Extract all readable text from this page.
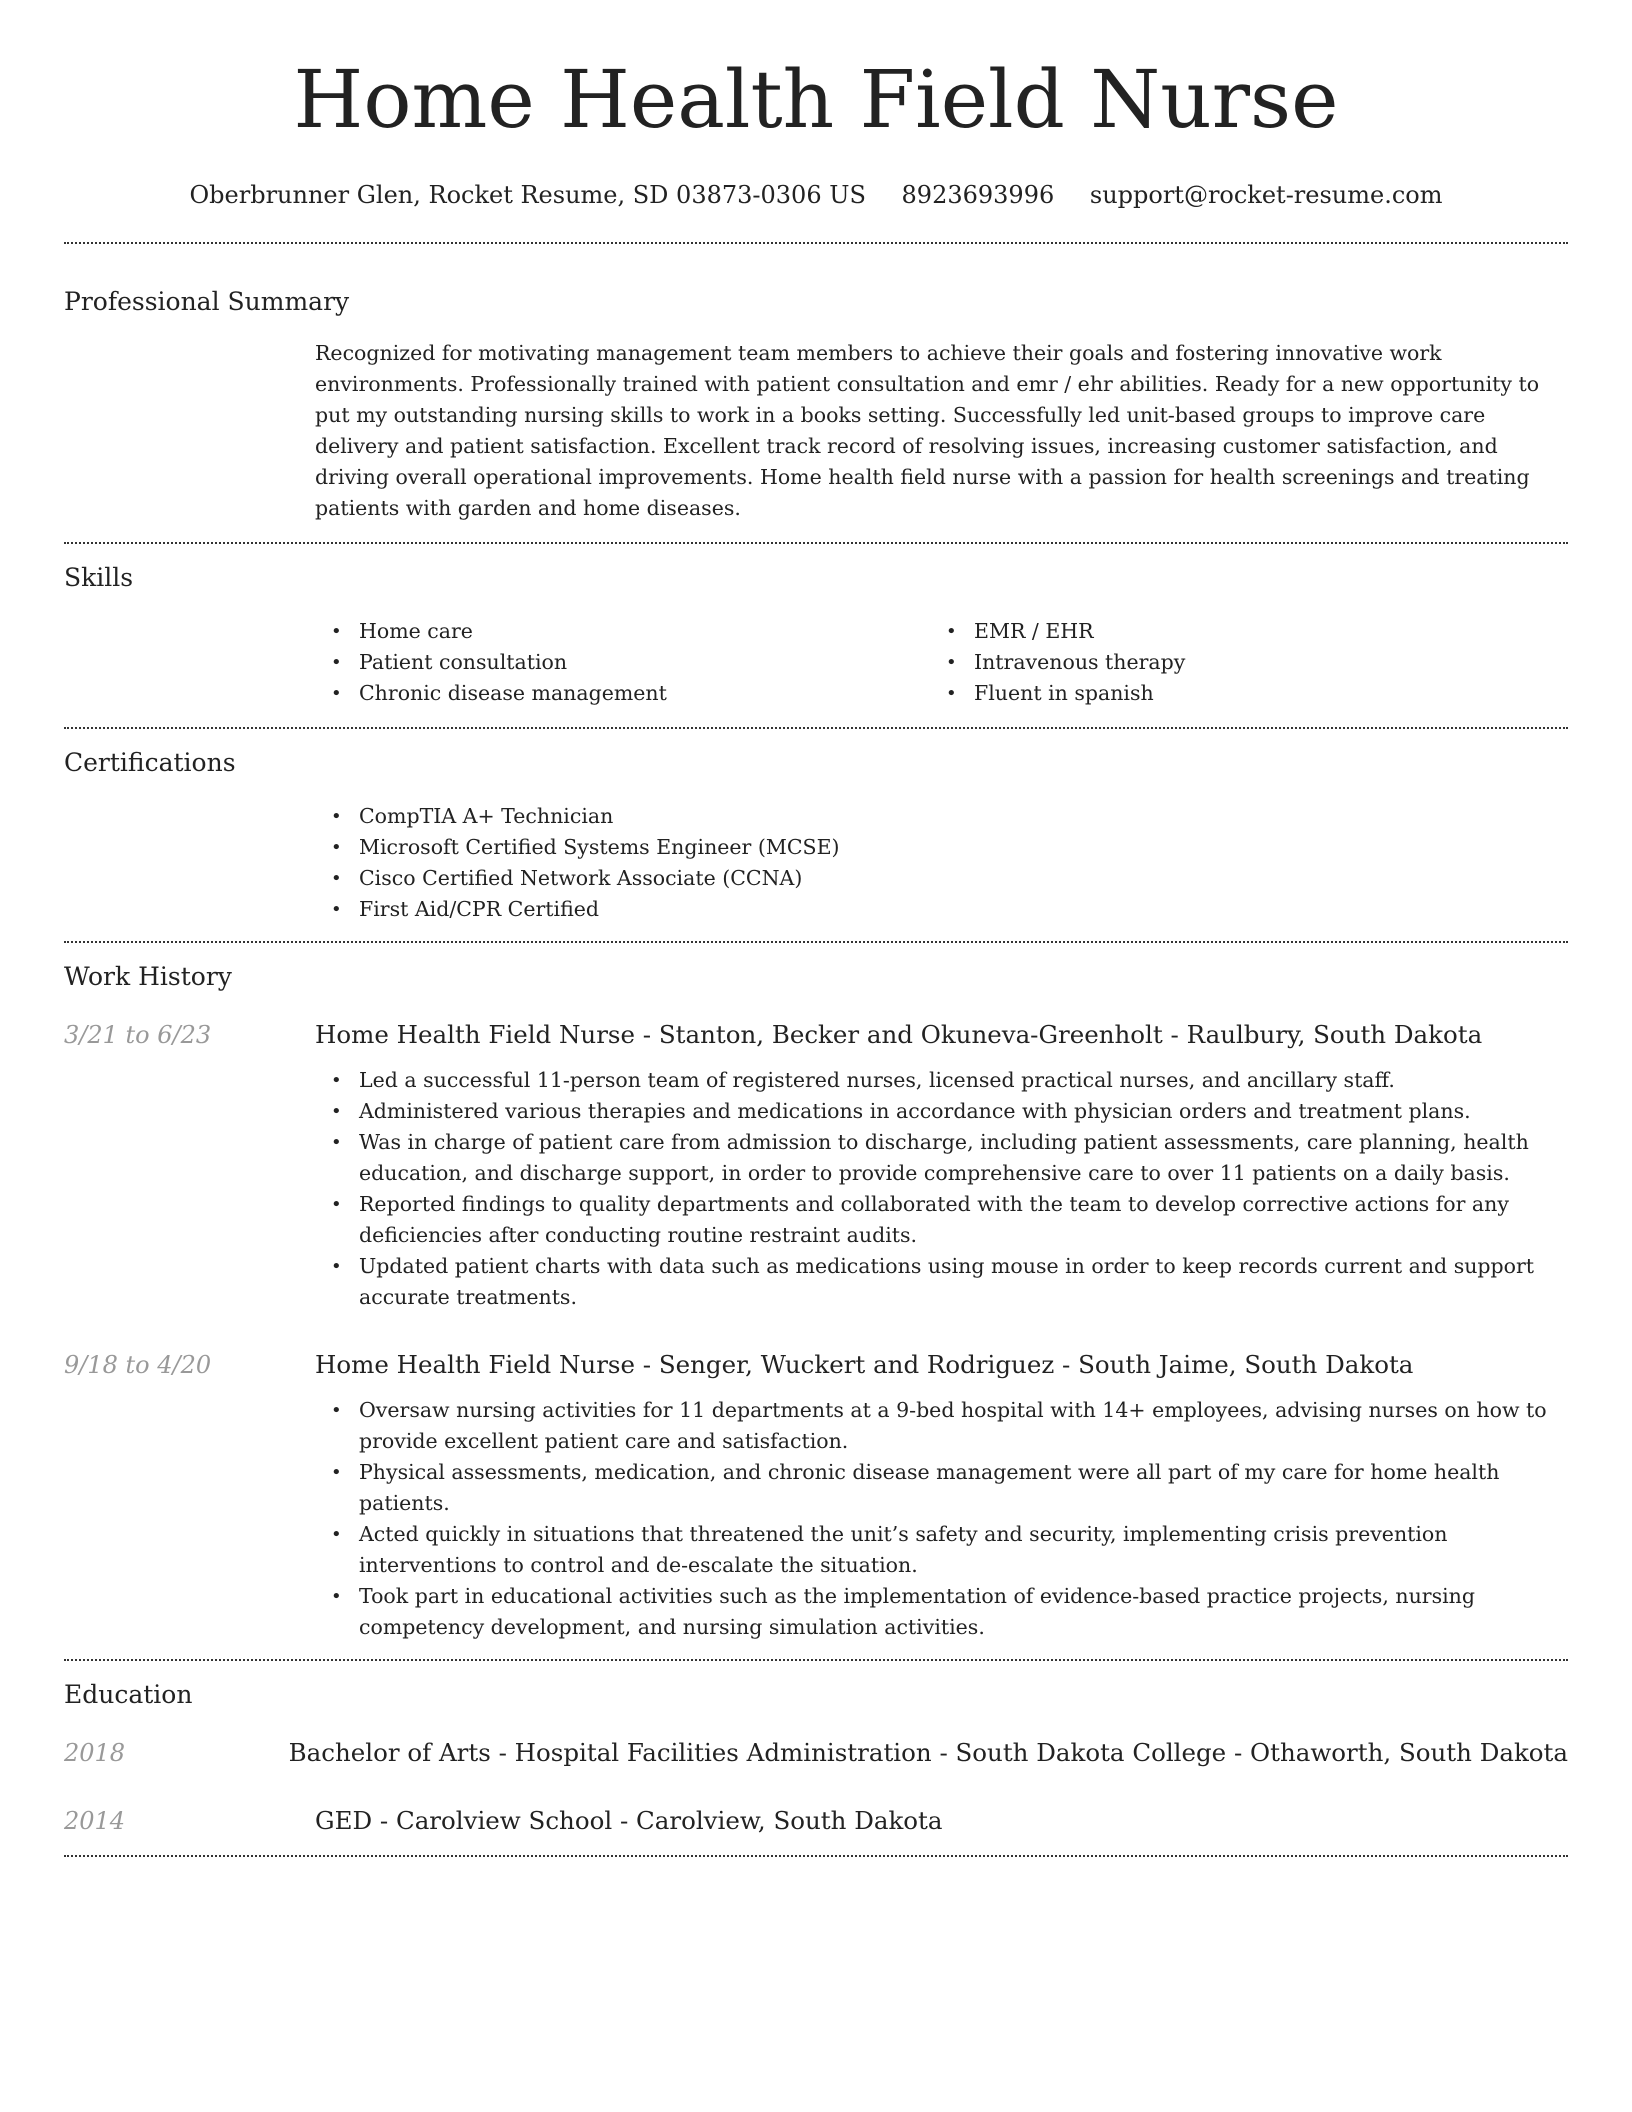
Home Health Field Nurse
Oberbrunner Glen, Rocket Resume, SD 03873-0306 US 8923693996 support@rocket-resume.com
Professional Summary
Recognized for motivating management team members to achieve their goals and fostering innovative work environments. Professionally trained with patient consultation and emr / ehr abilities. Ready for a new opportunity to put my outstanding nursing skills to work in a books setting. Successfully led unit-based groups to improve care delivery and patient satisfaction. Excellent track record of resolving issues, increasing customer satisfaction, and driving overall operational improvements. Home health field nurse with a passion for health screenings and treating patients with garden and home diseases.
Skills
• Home care
• Patient consultation
• Chronic disease management
• EMR / EHR
• Intravenous therapy
• Fluent in spanish
Certifications
• CompTIA A+ Technician
• Microsoft Certified Systems Engineer (MCSE)
• Cisco Certified Network Associate (CCNA)
• First Aid/CPR Certified
Work History
3/21 to 6/23	Home Health Field Nurse - Stanton, Becker and Okuneva-Greenholt - Raulbury, South Dakota
• Led a successful 11-person team of registered nurses, licensed practical nurses, and ancillary staff.
• Administered various therapies and medications in accordance with physician orders and treatment plans.
• Was in charge of patient care from admission to discharge, including patient assessments, care planning, health education, and discharge support, in order to provide comprehensive care to over 11 patients on a daily basis.
• Reported findings to quality departments and collaborated with the team to develop corrective actions for any deficiencies after conducting routine restraint audits.
• Updated patient charts with data such as medications using mouse in order to keep records current and support accurate treatments.
9/18 to 4/20	Home Health Field Nurse - Senger, Wuckert and Rodriguez - South Jaime, South Dakota
• Oversaw nursing activities for 11 departments at a 9-bed hospital with 14+ employees, advising nurses on how to provide excellent patient care and satisfaction.
• Physical assessments, medication, and chronic disease management were all part of my care for home health patients.
• Acted quickly in situations that threatened the unit’s safety and security, implementing crisis prevention interventions to control and de-escalate the situation.
• Took part in educational activities such as the implementation of evidence-based practice projects, nursing competency development, and nursing simulation activities.
Education
2018	Bachelor of Arts - Hospital Facilities Administration - South Dakota College - Othaworth, South Dakota
2014	GED - Carolview School - Carolview, South Dakota
